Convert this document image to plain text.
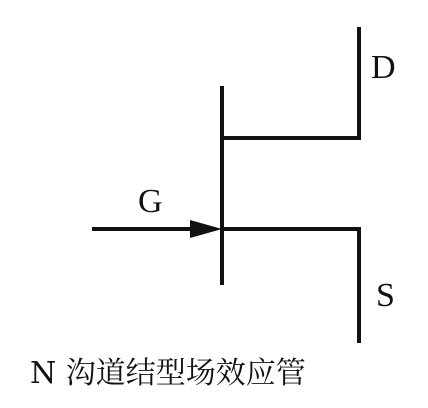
D
G
S
N 沟道结型场效应管
